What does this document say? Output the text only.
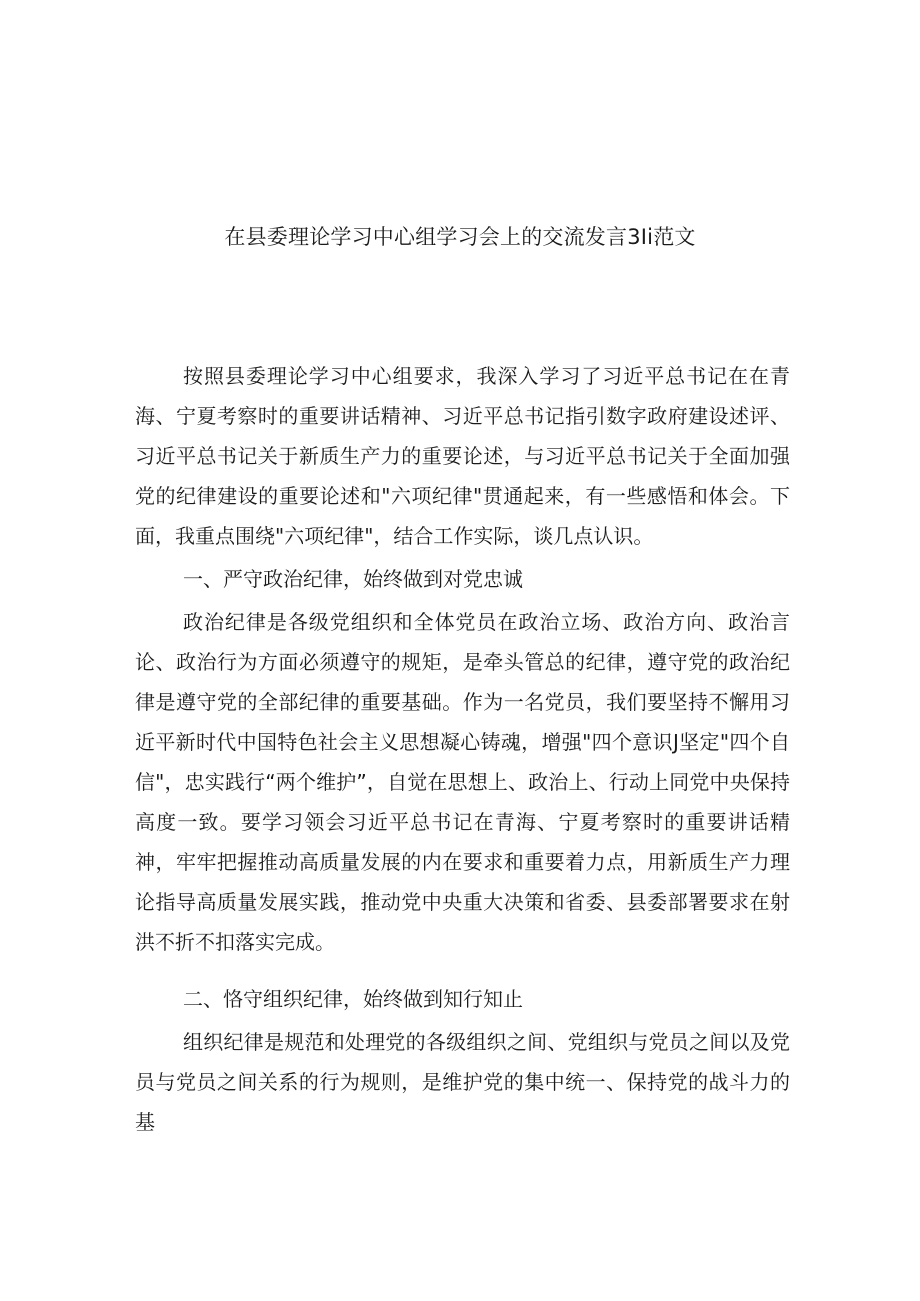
在县委理论学习中心组学习会上的交流发言3Ii范文

按照县委理论学习中心组要求，我深入学习了习近平总书记在在青海、宁夏考察时的重要讲话精神、习近平总书记指引数字政府建设述评、习近平总书记关于新质生产力的重要论述，与习近平总书记关于全面加强党的纪律建设的重要论述和"六项纪律"贯通起来，有一些感悟和体会。下面，我重点围绕"六项纪律"，结合工作实际，谈几点认识。

一、严守政治纪律，始终做到对党忠诚

政治纪律是各级党组织和全体党员在政治立场、政治方向、政治言论、政治行为方面必须遵守的规矩，是牵头管总的纪律，遵守党的政治纪律是遵守党的全部纪律的重要基础。作为一名党员，我们要坚持不懈用习近平新时代中国特色社会主义思想凝心铸魂，增强"四个意识J坚定"四个自信"，忠实践行“两个维护”，自觉在思想上、政治上、行动上同党中央保持高度一致。要学习领会习近平总书记在青海、宁夏考察时的重要讲话精神，牢牢把握推动高质量发展的内在要求和重要着力点，用新质生产力理论指导高质量发展实践，推动党中央重大决策和省委、县委部署要求在射洪不折不扣落实完成。

二、恪守组织纪律，始终做到知行知止

组织纪律是规范和处理党的各级组织之间、党组织与党员之间以及党员与党员之间关系的行为规则，是维护党的集中统一、保持党的战斗力的基
